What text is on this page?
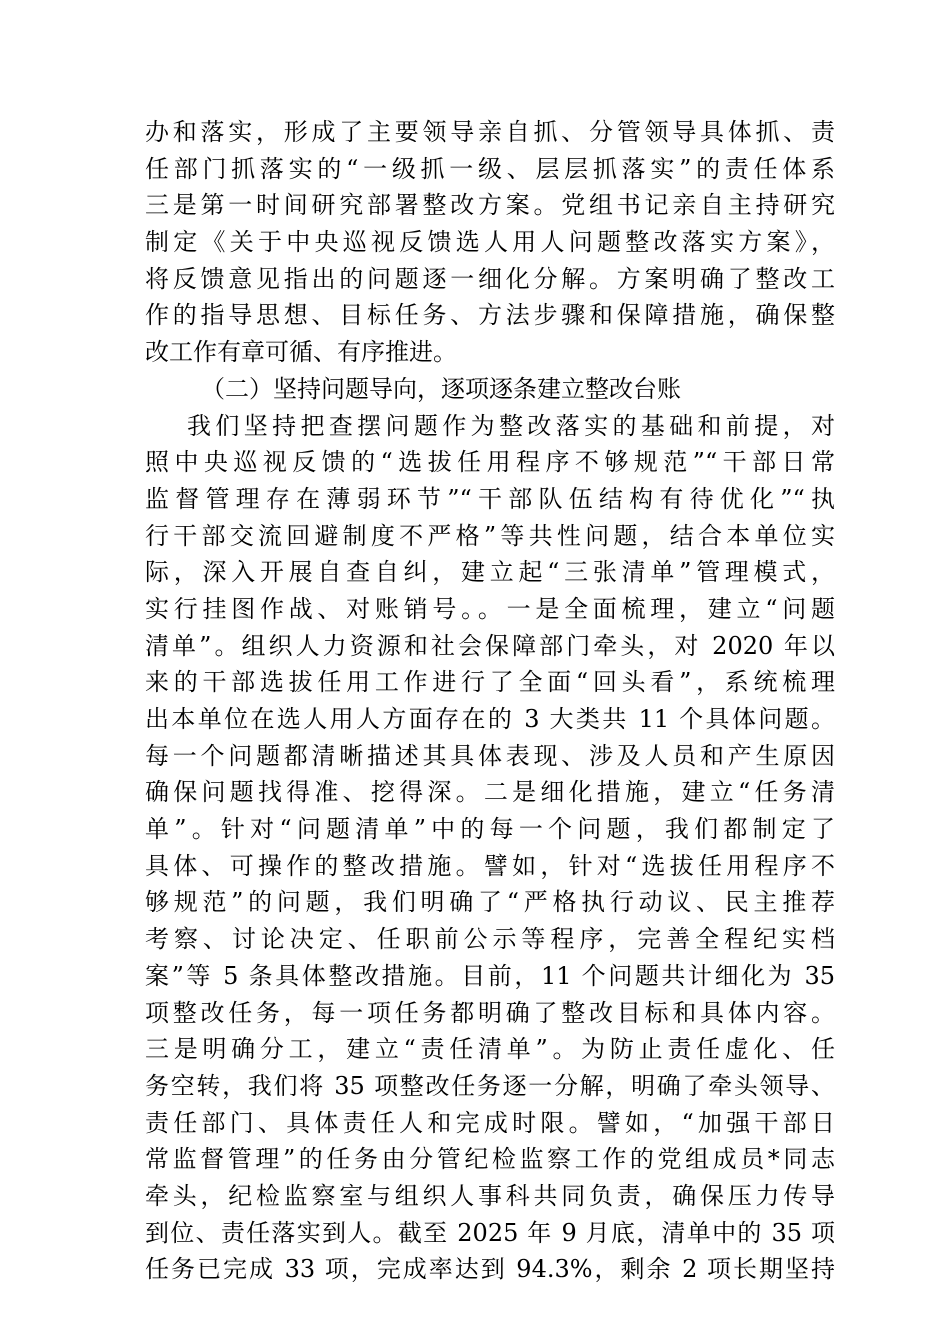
办和落实，形成了主要领导亲自抓、分管领导具体抓、责
任部门抓落实的“一级抓一级、层层抓落实”的责任体系
三是第一时间研究部署整改方案。党组书记亲自主持研究
制定《关于中央巡视反馈选人用人问题整改落实方案》，
将反馈意见指出的问题逐一细化分解。方案明确了整改工
作的指导思想、目标任务、方法步骤和保障措施，确保整
改工作有章可循、有序推进。
（二）坚持问题导向，逐项逐条建立整改台账
我们坚持把查摆问题作为整改落实的基础和前提，对
照中央巡视反馈的“选拔任用程序不够规范”“干部日常
监督管理存在薄弱环节”“干部队伍结构有待优化”“执
行干部交流回避制度不严格”等共性问题，结合本单位实
际，深入开展自查自纠，建立起“三张清单”管理模式，
实行挂图作战、对账销号。。一是全面梳理，建立“问题
清单”。组织人力资源和社会保障部门牵头，对 2020 年以
来的干部选拔任用工作进行了全面“回头看”，系统梳理
出本单位在选人用人方面存在的 3 大类共 11 个具体问题。
每一个问题都清晰描述其具体表现、涉及人员和产生原因
确保问题找得准、挖得深。二是细化措施，建立“任务清
单”。针对“问题清单”中的每一个问题，我们都制定了
具体、可操作的整改措施。譬如，针对“选拔任用程序不
够规范”的问题，我们明确了“严格执行动议、民主推荐
考察、讨论决定、任职前公示等程序，完善全程纪实档
案”等 5 条具体整改措施。目前，11 个问题共计细化为 35
项整改任务，每一项任务都明确了整改目标和具体内容。
三是明确分工，建立“责任清单”。为防止责任虚化、任
务空转，我们将 35 项整改任务逐一分解，明确了牵头领导、
责任部门、具体责任人和完成时限。譬如，“加强干部日
常监督管理”的任务由分管纪检监察工作的党组成员*同志
牵头，纪检监察室与组织人事科共同负责，确保压力传导
到位、责任落实到人。截至 2025 年 9 月底，清单中的 35 项
任务已完成 33 项，完成率达到 94.3%，剩余 2 项长期坚持
